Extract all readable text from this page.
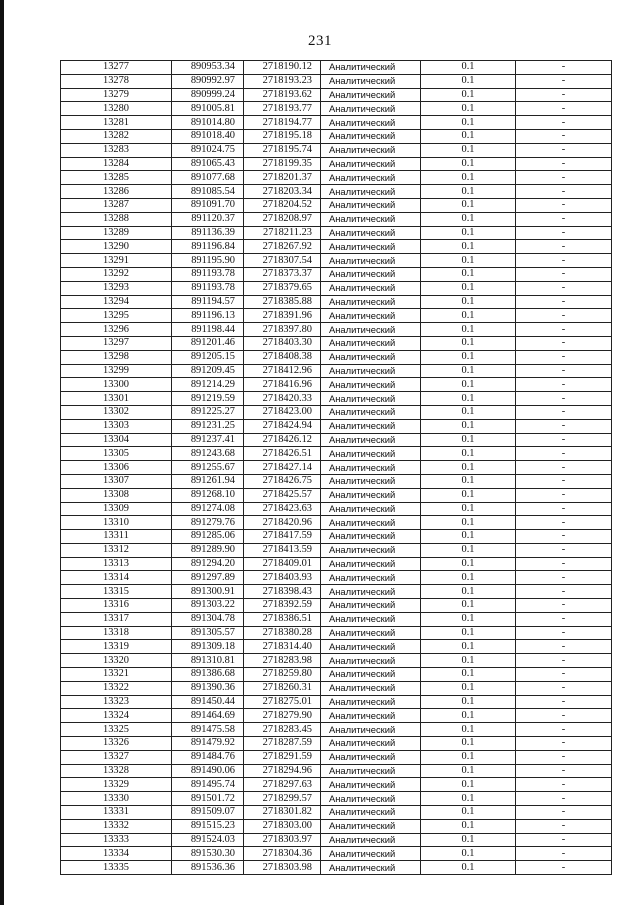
231
13277	890953.34	2718190.12	Аналитический	0.1	-
13278	890992.97	2718193.23	Аналитический	0.1	-
13279	890999.24	2718193.62	Аналитический	0.1	-
13280	891005.81	2718193.77	Аналитический	0.1	-
13281	891014.80	2718194.77	Аналитический	0.1	-
13282	891018.40	2718195.18	Аналитический	0.1	-
13283	891024.75	2718195.74	Аналитический	0.1	-
13284	891065.43	2718199.35	Аналитический	0.1	-
13285	891077.68	2718201.37	Аналитический	0.1	-
13286	891085.54	2718203.34	Аналитический	0.1	-
13287	891091.70	2718204.52	Аналитический	0.1	-
13288	891120.37	2718208.97	Аналитический	0.1	-
13289	891136.39	2718211.23	Аналитический	0.1	-
13290	891196.84	2718267.92	Аналитический	0.1	-
13291	891195.90	2718307.54	Аналитический	0.1	-
13292	891193.78	2718373.37	Аналитический	0.1	-
13293	891193.78	2718379.65	Аналитический	0.1	-
13294	891194.57	2718385.88	Аналитический	0.1	-
13295	891196.13	2718391.96	Аналитический	0.1	-
13296	891198.44	2718397.80	Аналитический	0.1	-
13297	891201.46	2718403.30	Аналитический	0.1	-
13298	891205.15	2718408.38	Аналитический	0.1	-
13299	891209.45	2718412.96	Аналитический	0.1	-
13300	891214.29	2718416.96	Аналитический	0.1	-
13301	891219.59	2718420.33	Аналитический	0.1	-
13302	891225.27	2718423.00	Аналитический	0.1	-
13303	891231.25	2718424.94	Аналитический	0.1	-
13304	891237.41	2718426.12	Аналитический	0.1	-
13305	891243.68	2718426.51	Аналитический	0.1	-
13306	891255.67	2718427.14	Аналитический	0.1	-
13307	891261.94	2718426.75	Аналитический	0.1	-
13308	891268.10	2718425.57	Аналитический	0.1	-
13309	891274.08	2718423.63	Аналитический	0.1	-
13310	891279.76	2718420.96	Аналитический	0.1	-
13311	891285.06	2718417.59	Аналитический	0.1	-
13312	891289.90	2718413.59	Аналитический	0.1	-
13313	891294.20	2718409.01	Аналитический	0.1	-
13314	891297.89	2718403.93	Аналитический	0.1	-
13315	891300.91	2718398.43	Аналитический	0.1	-
13316	891303.22	2718392.59	Аналитический	0.1	-
13317	891304.78	2718386.51	Аналитический	0.1	-
13318	891305.57	2718380.28	Аналитический	0.1	-
13319	891309.18	2718314.40	Аналитический	0.1	-
13320	891310.81	2718283.98	Аналитический	0.1	-
13321	891386.68	2718259.80	Аналитический	0.1	-
13322	891390.36	2718260.31	Аналитический	0.1	-
13323	891450.44	2718275.01	Аналитический	0.1	-
13324	891464.69	2718279.90	Аналитический	0.1	-
13325	891475.58	2718283.45	Аналитический	0.1	-
13326	891479.92	2718287.59	Аналитический	0.1	-
13327	891484.76	2718291.59	Аналитический	0.1	-
13328	891490.06	2718294.96	Аналитический	0.1	-
13329	891495.74	2718297.63	Аналитический	0.1	-
13330	891501.72	2718299.57	Аналитический	0.1	-
13331	891509.07	2718301.82	Аналитический	0.1	-
13332	891515.23	2718303.00	Аналитический	0.1	-
13333	891524.03	2718303.97	Аналитический	0.1	-
13334	891530.30	2718304.36	Аналитический	0.1	-
13335	891536.36	2718303.98	Аналитический	0.1	-
